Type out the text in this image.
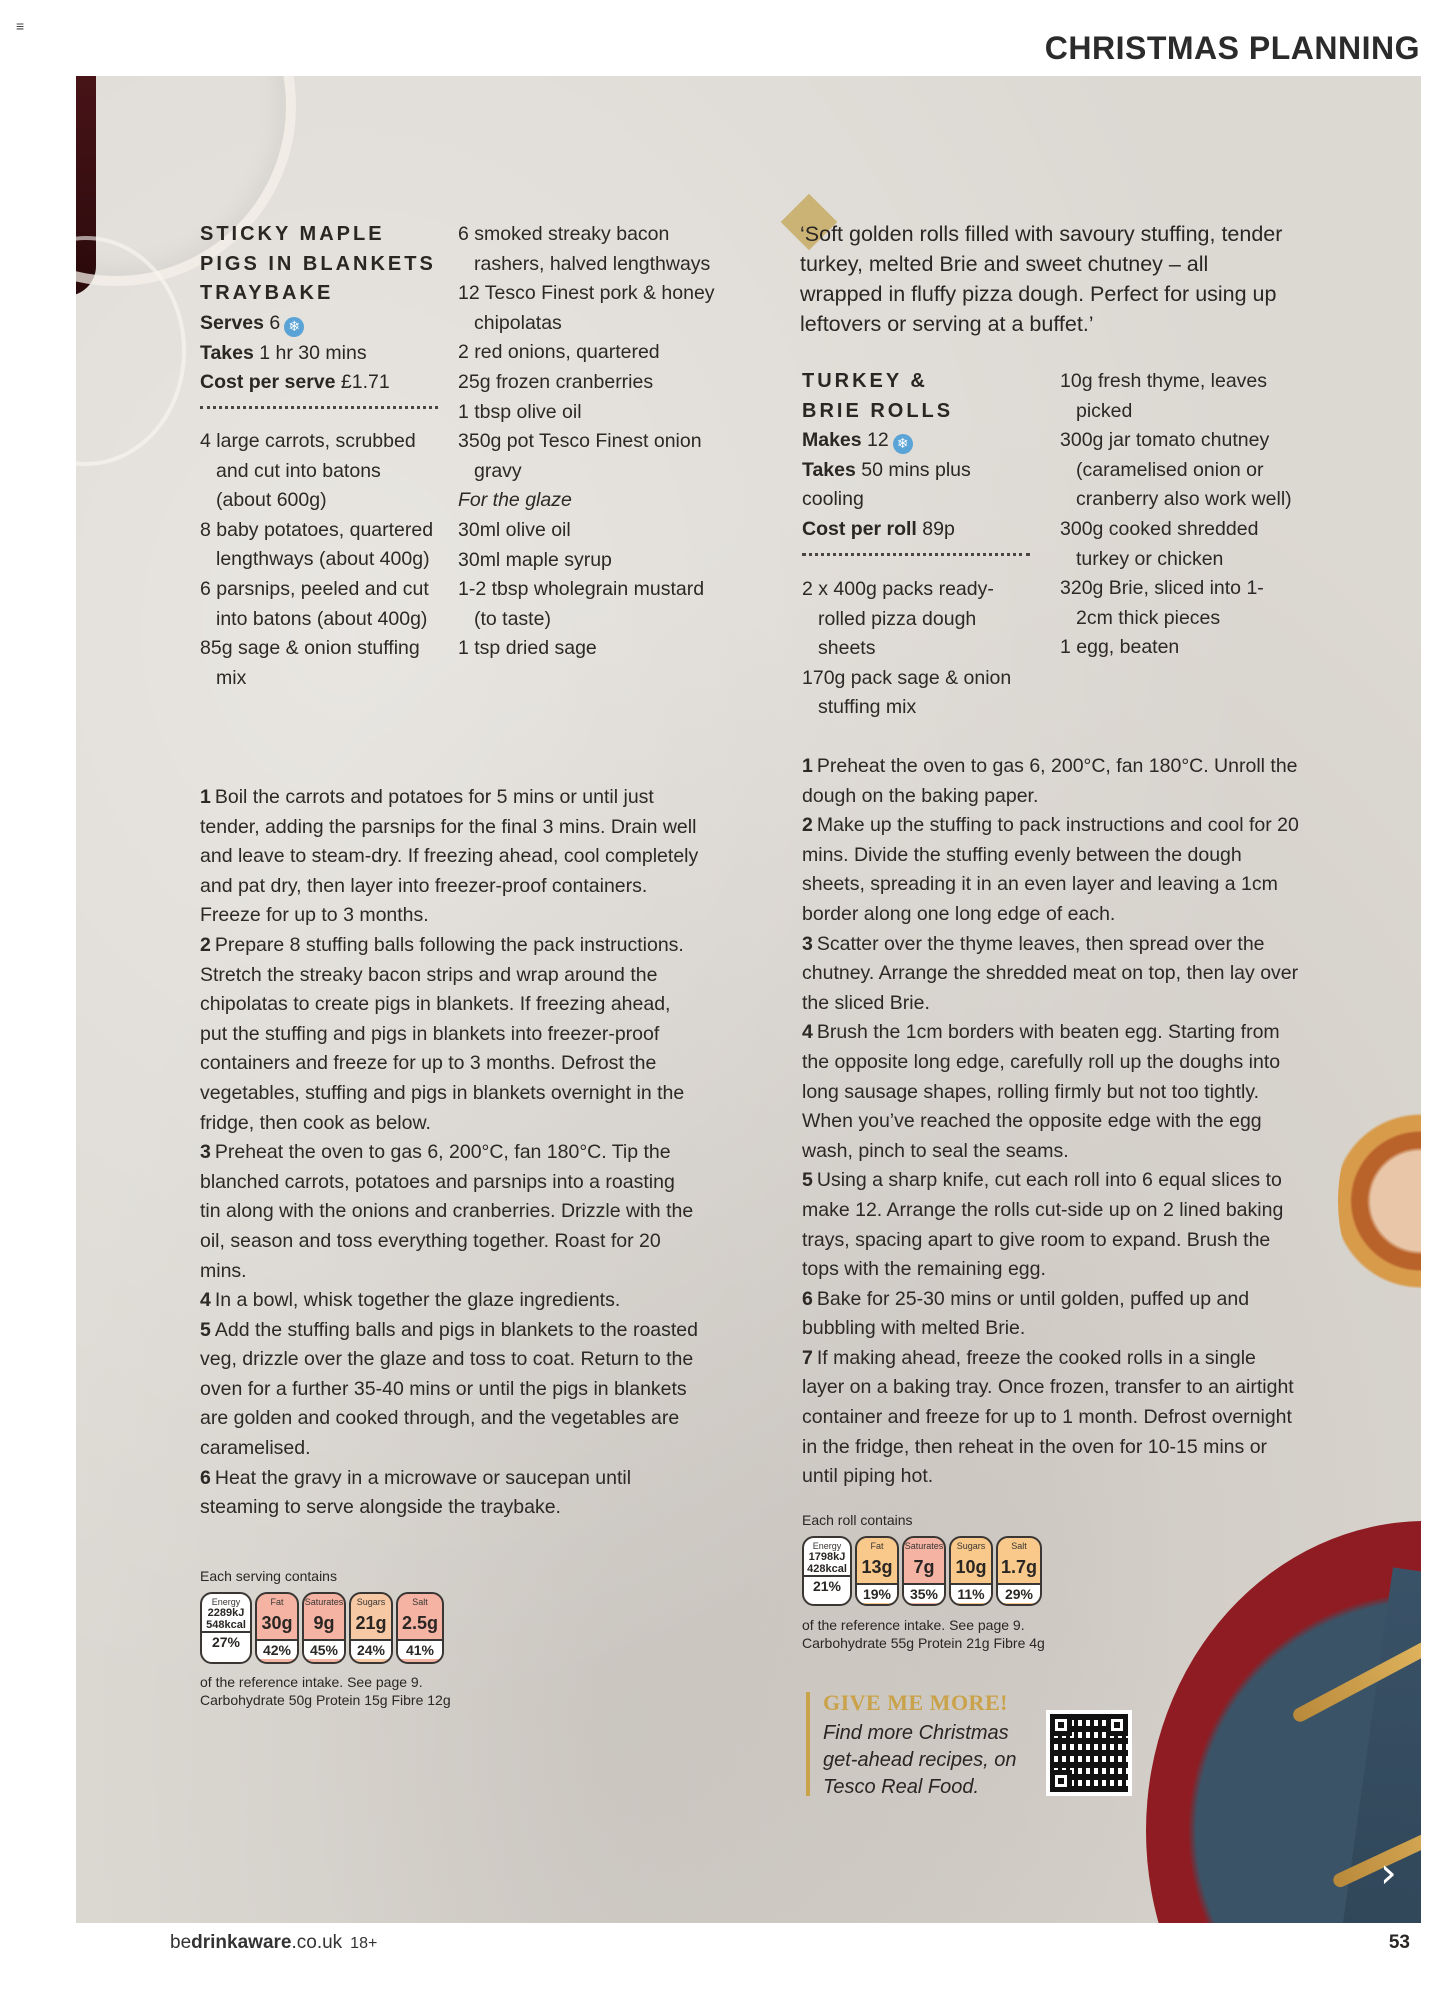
≡
CHRISTMAS PLANNING
›
STICKY MAPLE
PIGS IN BLANKETS
TRAYBAKE
Serves 6 ❄
Takes 1 hr 30 mins
Cost per serve £1.71
4 large carrots, scrubbed and cut into batons (about 600g)
8 baby potatoes, quartered lengthways (about 400g)
6 parsnips, peeled and cut into batons (about 400g)
85g sage & onion stuffing mix
6 smoked streaky bacon rashers, halved lengthways
12 Tesco Finest pork & honey chipolatas
2 red onions, quartered
25g frozen cranberries
1 tbsp olive oil
350g pot Tesco Finest onion gravy
For the glaze
30ml olive oil
30ml maple syrup
1-2 tbsp wholegrain mustard (to taste)
1 tsp dried sage

1 Boil the carrots and potatoes for 5 mins or until just tender, adding the parsnips for the final 3 mins. Drain well and leave to steam-dry. If freezing ahead, cool completely and pat dry, then layer into freezer-proof containers. Freeze for up to 3 months.

2 Prepare 8 stuffing balls following the pack instructions. Stretch the streaky bacon strips and wrap around the chipolatas to create pigs in blankets. If freezing ahead, put the stuffing and pigs in blankets into freezer-proof containers and freeze for up to 3 months. Defrost the vegetables, stuffing and pigs in blankets overnight in the fridge, then cook as below.

3 Preheat the oven to gas 6, 200°C, fan 180°C. Tip the blanched carrots, potatoes and parsnips into a roasting tin along with the onions and cranberries. Drizzle with the oil, season and toss everything together. Roast for 20 mins.

4 In a bowl, whisk together the glaze ingredients.

5 Add the stuffing balls and pigs in blankets to the roasted veg, drizzle over the glaze and toss to coat. Return to the oven for a further 35-40 mins or until the pigs in blankets are golden and cooked through, and the vegetables are caramelised.

6 Heat the gravy in a microwave or saucepan until steaming to serve alongside the traybake.

Each serving contains
Energy
2289kJ
548kcal
27%
Fat
30g
42%
Saturates
9g
45%
Sugars
21g
24%
Salt
2.5g
41%
of the reference intake. See page 9.
Carbohydrate 50g Protein 15g Fibre 12g
‘Soft golden rolls filled with savoury stuffing, tender turkey, melted Brie and sweet chutney – all wrapped in fluffy pizza dough. Perfect for using up leftovers or serving at a buffet.’
TURKEY &
BRIE ROLLS
Makes 12 ❄
Takes 50 mins plus cooling
Cost per roll 89p
2 x 400g packs ready-rolled pizza dough sheets
170g pack sage & onion stuffing mix
10g fresh thyme, leaves picked
300g jar tomato chutney (caramelised onion or cranberry also work well)
300g cooked shredded turkey or chicken
320g Brie, sliced into 1-2cm thick pieces
1 egg, beaten

1 Preheat the oven to gas 6, 200°C, fan 180°C. Unroll the dough on the baking paper.

2 Make up the stuffing to pack instructions and cool for 20 mins. Divide the stuffing evenly between the dough sheets, spreading it in an even layer and leaving a 1cm border along one long edge of each.

3 Scatter over the thyme leaves, then spread over the chutney. Arrange the shredded meat on top, then lay over the sliced Brie.

4 Brush the 1cm borders with beaten egg. Starting from the opposite long edge, carefully roll up the doughs into long sausage shapes, rolling firmly but not too tightly. When you’ve reached the opposite edge with the egg wash, pinch to seal the seams.

5 Using a sharp knife, cut each roll into 6 equal slices to make 12. Arrange the rolls cut-side up on 2 lined baking trays, spacing apart to give room to expand. Brush the tops with the remaining egg.

6 Bake for 25-30 mins or until golden, puffed up and bubbling with melted Brie.

7 If making ahead, freeze the cooked rolls in a single layer on a baking tray. Once frozen, transfer to an airtight container and freeze for up to 1 month. Defrost overnight in the fridge, then reheat in the oven for 10-15 mins or until piping hot.

Each roll contains
Energy
1798kJ
428kcal
21%
Fat
13g
19%
Saturates
7g
35%
Sugars
10g
11%
Salt
1.7g
29%
of the reference intake. See page 9.
Carbohydrate 55g Protein 21g Fibre 4g
GIVE ME MORE!
Find more Christmas get-ahead recipes, on Tesco Real Food.
bedrinkaware.co.uk 18+	53
